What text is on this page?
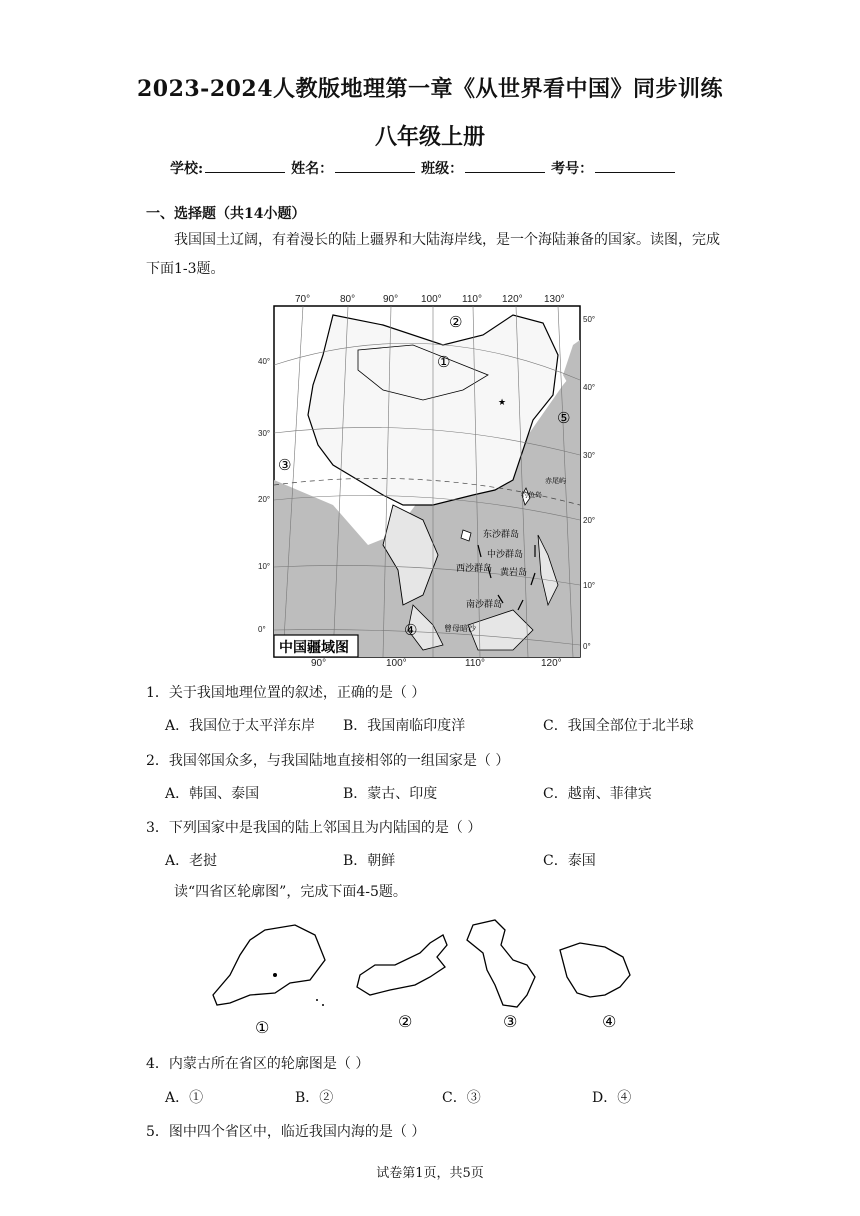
2023-2024人教版地理第一章《从世界看中国》同步训练
八年级上册
学校:	姓名：	班级：	考号：
一、选择题（共14小题）
我国国土辽阔，有着漫长的陆上疆界和大陆海岸线，是一个海陆兼备的国家。读图，完成下面1-3题。
★
中国疆域图
①
②
③
④
⑤
钓鱼岛
赤尾屿
东沙群岛
中沙群岛
西沙群岛 黄岩岛
南沙群岛
曾母暗沙
90°	100°	110°	120°
70°	80°	90° 100° 110° 120° 130°
40°
30°
20°
10°
0°
50°
40°
30°
20°
10°
0°
1．关于我国地理位置的叙述，正确的是（ ）
A．我国位于太平洋东岸 B．我国南临印度洋	C．我国全部位于北半球
2．我国邻国众多，与我国陆地直接相邻的一组国家是（ ）
A．韩国、泰国	B．蒙古、印度	C．越南、菲律宾
3．下列国家中是我国的陆上邻国且为内陆国的是（ ）
A．老挝	B．朝鲜	C．泰国
读“四省区轮廓图”，完成下面4-5题。
①	②	③	④
4．内蒙古所在省区的轮廓图是（ ）
A．①	B．②	C．③	D．④
5．图中四个省区中，临近我国内海的是（ ）
试卷第1页，共5页
